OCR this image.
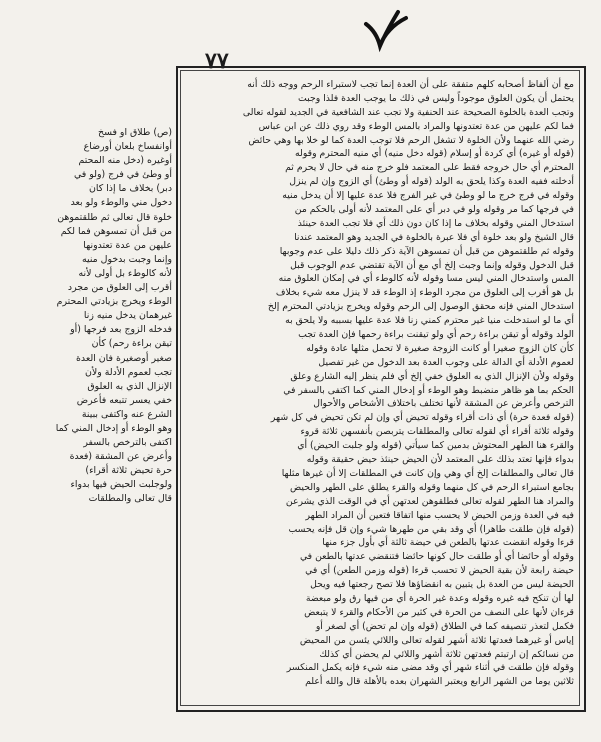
٧٧
مع أن ألفاظ أصحابه كلهم متفقة على أن العدة إنما تجب لاستبراء الرحم ووجه ذلك أنه
يحتمل أن يكون العلوق موجوداً وليس في ذلك ما يوجب العدة فلذا وجبت
وتجب العدة بالخلوة الصحيحة عند الحنفية ولا تجب عند الشافعية في الجديد لقوله تعالى
فما لكم عليهن من عدة تعتدونها والمراد بالمس الوطء وقد روي ذلك عن ابن عباس
رضي الله عنهما ولأن الخلوة لا تشغل الرحم فلا توجب العدة كما لو خلا بها وهي حائض
(قوله أو غيره) أي كردة أو إسلام (قوله دخل منيه) أي منيه المحترم وقوله
المحترم أي حال خروجه فقط على المعتمد فلو خرج منه في حال لا يحرم ثم
أدخلته ففيه العدة وكذا يلحق به الولد (قوله أو وطئ) أي الزوج وإن لم ينزل
وقوله في فرج خرج ما لو وطئ في غير الفرج فلا عدة عليها إلا أن يدخل منيه
في فرجها كما مر وقوله ولو في دبر أي على المعتمد لأنه أولى بالحكم من
استدخال المني وقوله بخلاف ما إذا كان دون ذلك أي فلا تجب العدة حينئذ
قال الشيخ ولو بعد خلوة أي فلا عبرة بالخلوة في الجديد وهو المعتمد عندنا
وقوله ثم طلقتموهن من قبل أن تمسوهن الآية ذكر ذلك دليلا على عدم وجوبها
قبل الدخول وقوله وإنما وجبت إلخ أي مع أن الآية تقتضي عدم الوجوب قبل
المس واستدخال المني ليس مسا وقوله لأنه كالوطء أي في إمكان العلوق منه
بل هو أقرب إلى العلوق من مجرد الوطء إذ الوطء قد لا ينزل معه شيء بخلاف
استدخال المني فإنه محقق الوصول إلى الرحم وقوله ويخرج بزيادتي المحترم إلخ
أي ما لو استدخلت منيا غير محترم كمني زنا فلا عدة عليها بسببه ولا يلحق به
الولد وقوله أو تيقن براءة رحم أي ولو تيقنت براءة رحمها فإن العدة تجب
كأن كان الزوج صغيرا أو كانت الزوجة صغيرة لا تحمل مثلها عادة وقوله
لعموم الأدلة أي الدالة على وجوب العدة بعد الدخول من غير تفصيل
وقوله ولأن الإنزال الذي به العلوق خفي إلخ أي فلم ينظر إليه الشارع وعلق
الحكم بما هو ظاهر منضبط وهو الوطء أو إدخال المني كما اكتفى بالسفر في
الترخص وأعرض عن المشقة لأنها تختلف باختلاف الأشخاص والأحوال
(قوله فعدة حرة) أي ذات أقراء وقوله تحيض أي وإن لم تكن تحيض في كل شهر
وقوله ثلاثة أقراء أي لقوله تعالى والمطلقات يتربصن بأنفسهن ثلاثة قروء
والقرء هنا الطهر المحتوش بدمين كما سيأتي (قوله ولو جلبت الحيض) أي
بدواء فإنها تعتد بذلك على المعتمد لأن الحيض حينئذ حيض حقيقة وقوله
قال تعالى والمطلقات إلخ أي وهي وإن كانت في المطلقات إلا أن غيرها مثلها
بجامع استبراء الرحم في كل منهما وقوله والقرء يطلق على الطهر والحيض
والمراد هنا الطهر لقوله تعالى فطلقوهن لعدتهن أي في الوقت الذي يشرعن
فيه في العدة وزمن الحيض لا يحسب منها اتفاقا فتعين أن المراد الطهر
(قوله فإن طلقت طاهرا) أي وقد بقي من طهرها شيء وإن قل فإنه يحسب
قرءا وقوله انقضت عدتها بالطعن في حيضة ثالثة أي بأول جزء منها
وقوله أو حائضا أي أو طلقت حال كونها حائضا فتنقضي عدتها بالطعن في
حيضة رابعة لأن بقية الحيض لا تحسب قرءا (قوله وزمن الطعن) أي في
الحيضة ليس من العدة بل يتبين به انقضاؤها فلا تصح رجعتها فيه ويحل
لها أن تنكح فيه غيره وقوله وعدة غير الحرة أي من فيها رق ولو مبعضة
قرءان لأنها على النصف من الحرة في كثير من الأحكام والقرء لا يتبعض
فكمل لتعذر تنصيفه كما في الطلاق (قوله وإن لم تحض) أي لصغر أو
إياس أو غيرهما فعدتها ثلاثة أشهر لقوله تعالى واللائي يئسن من المحيض
من نسائكم إن ارتبتم فعدتهن ثلاثة أشهر واللائي لم يحضن أي كذلك
وقوله فإن طلقت في أثناء شهر أي وقد مضى منه شيء فإنه يكمل المنكسر
ثلاثين يوما من الشهر الرابع ويعتبر الشهران بعده بالأهلة قال والله أعلم
(ص) طلاق او فسخ
أوانفساخ بلعان أورضاع
أوغيره (دخل منه المحتم
أو وطئ في فرج (ولو في
دبر) بخلاف ما إذا كان
دخول مني والوطء ولو بعد
خلوة قال تعالى ثم طلقتموهن
من قبل أن تمسوهن فما لكم
عليهن من عدة تعتدونها
وإنما وجبت بدخول منيه
لأنه كالوطء بل أولى لأنه
أقرب إلى العلوق من مجرد
الوطء ويخرج بزيادتي المحترم
غيرهمان يدخل منيه زنا
فدخله الزوج بعد فرجها (أو
تيقن براءة رحم) كأن
صغير أوصغيرة فان العدة
تجب لعموم الأدلة ولأن
الإنزال الذي به العلوق
خفي يعسر تتبعه فأعرض
الشرع عنه واكتفى ببينة
وهو الوطء أو إدخال المني كما
اكتفى بالترخص بالسفر
وأعرض عن المشقة (فعدة
حرة تحيض ثلاثة أقراء)
ولوجلبت الحيض فيها بدواء
قال تعالى والمطلقات
